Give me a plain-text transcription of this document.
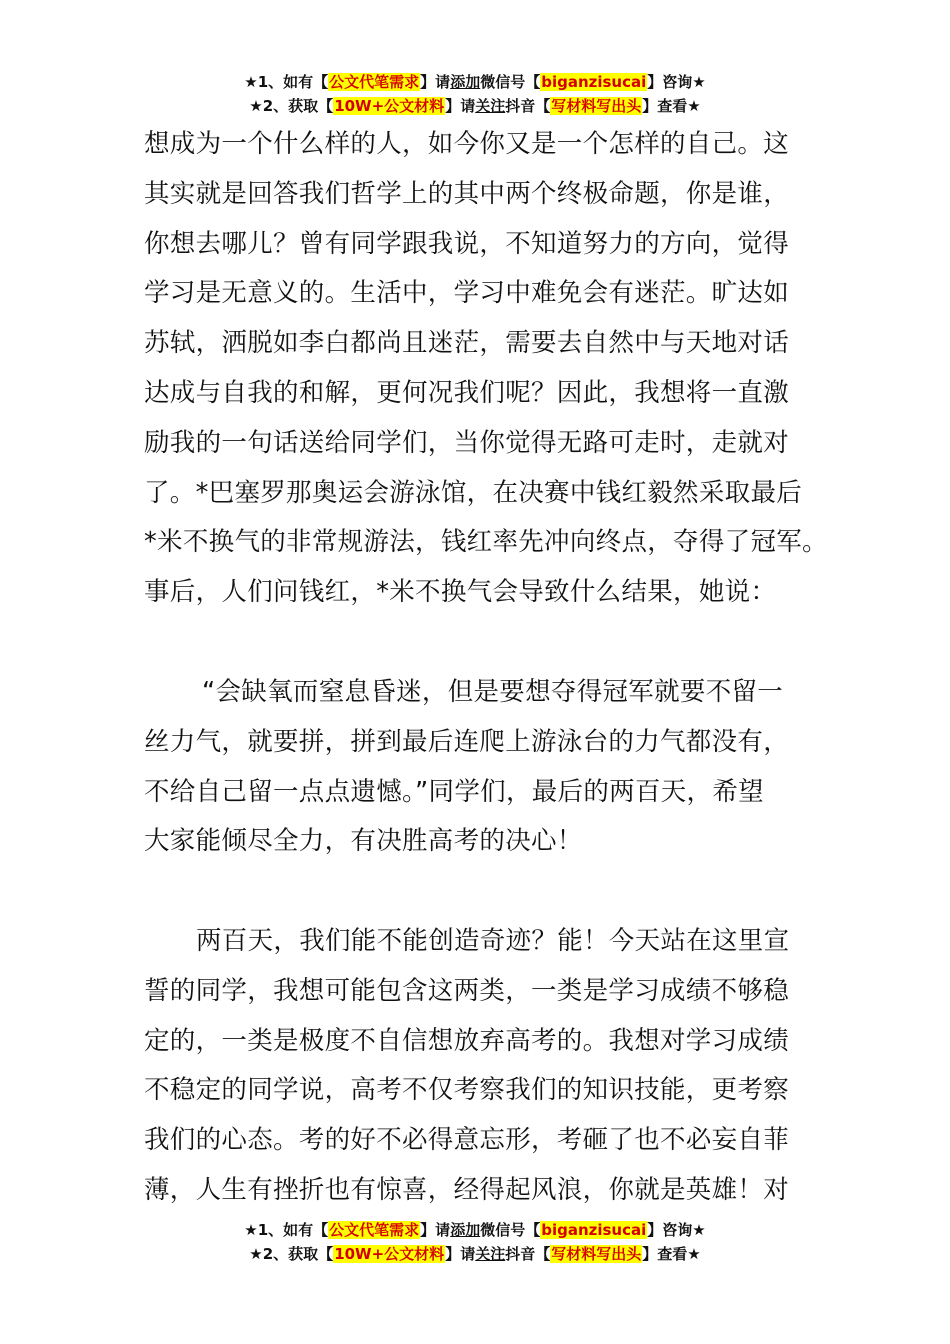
★1、如有【公文代笔需求】请添加微信号【biganzisucai】咨询★
★2、获取【10W+公文材料】请关注抖音【写材料写出头】查看★

想成为一个什么样的人，如今你又是一个怎样的自己。这
其实就是回答我们哲学上的其中两个终极命题，你是谁，
你想去哪儿？曾有同学跟我说，不知道努力的方向，觉得
学习是无意义的。生活中，学习中难免会有迷茫。旷达如
苏轼，洒脱如李白都尚且迷茫，需要去自然中与天地对话
达成与自我的和解，更何况我们呢？因此，我想将一直激
励我的一句话送给同学们，当你觉得无路可走时，走就对
了。*巴塞罗那奥运会游泳馆，在决赛中钱红毅然采取最后
*米不换气的非常规游法，钱红率先冲向终点，夺得了冠军。
事后，人们问钱红，*米不换气会导致什么结果，她说：

“会缺氧而窒息昏迷，但是要想夺得冠军就要不留一
丝力气，就要拼，拼到最后连爬上游泳台的力气都没有，
不给自己留一点点遗憾。”同学们，最后的两百天，希望
大家能倾尽全力，有决胜高考的决心！

两百天，我们能不能创造奇迹？能！今天站在这里宣
誓的同学，我想可能包含这两类，一类是学习成绩不够稳
定的，一类是极度不自信想放弃高考的。我想对学习成绩
不稳定的同学说，高考不仅考察我们的知识技能，更考察
我们的心态。考的好不必得意忘形，考砸了也不必妄自菲
薄，人生有挫折也有惊喜，经得起风浪，你就是英雄！对

★1、如有【公文代笔需求】请添加微信号【biganzisucai】咨询★
★2、获取【10W+公文材料】请关注抖音【写材料写出头】查看★
